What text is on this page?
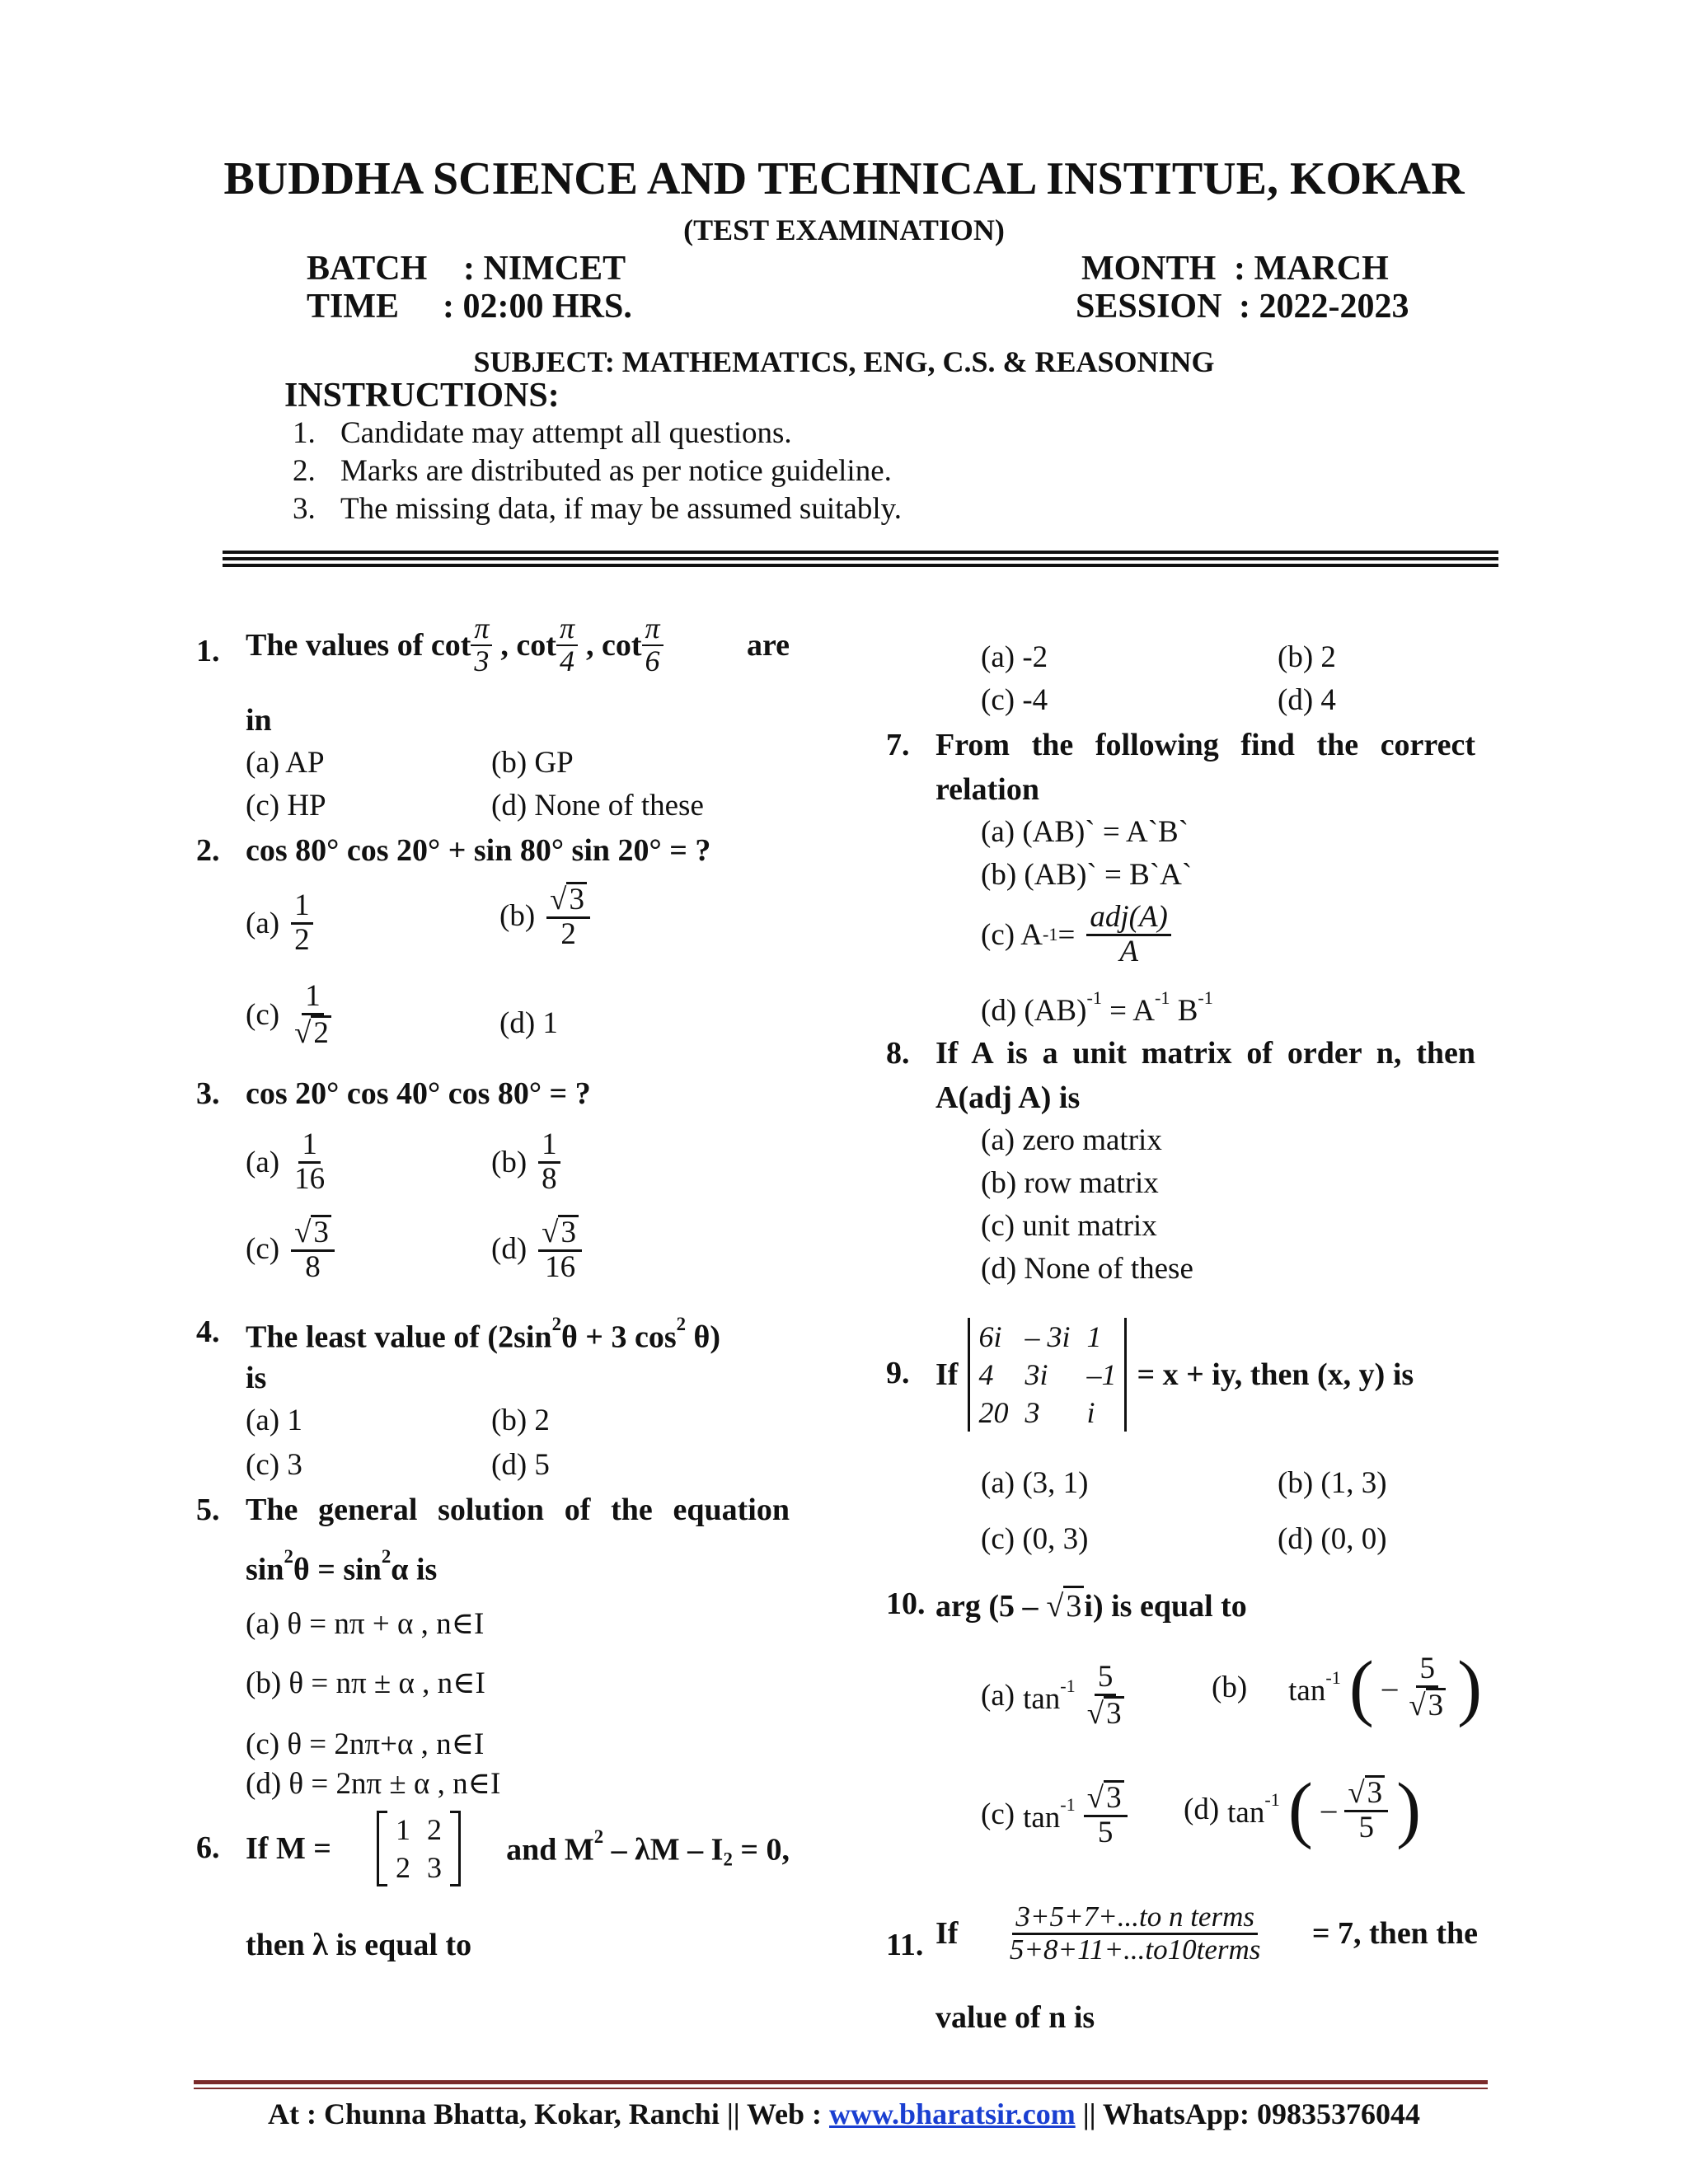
BUDDHA SCIENCE AND TECHNICAL INSTITUE, KOKAR
(TEST EXAMINATION)
BATCH : NIMCET
TIME : 02:00 HRS.
MONTH : MARCH
SESSION : 2022-2023
SUBJECT: MATHEMATICS, ENG, C.S. & REASONING
INSTRUCTIONS:
1. Candidate may attempt all questions.
2. Marks are distributed as per notice guideline.
3. The missing data, if may be assumed suitably.
1. The values of $\cot \frac{\pi}{3}$ , $\cot \frac{\pi}{4}$ , $\cot \frac{\pi}{6}$	are
in
(a) AP	(b) GP
(c) HP	(d) None of these
2. cos 80° cos 20° + sin 80° sin 20° = ?
$(a) \frac{1}{2}$	$(b) \frac{√ 3}{2}$
$(c) \frac{1}{√ 2}$	(d) 1
3. cos 20° cos 40° cos 80° = ?
$(a) \frac{1}{16}$	$(b) \frac{1}{8}$
$(c) \frac{√ 3}{8}$	$(d) \frac{√ 3}{16}$
4. The least value of ($2\sin^2\theta + 3$ $\cos^2 \theta$)
is
(a) 1	(b) 2
(c) 3	(d) 5
5. The general solution of the equation
$\sin^2\theta = \sin^2\alpha$ is
(a) θ = nπ + α , n∈I
(b) θ = nπ ± α , n∈I
(c) θ = 2nπ+α , n∈I
(d) θ = 2nπ ± α , n∈I
6. If M =
1	2
2	3
and $M^2 - \lambda M - I_2 = 0$,
then λ is equal to
(a) -2	(b) 2
(c) -4	(d) 4
7. From the following find the correct
relation
(a) (AB)` = A`B`
(b) (AB)` = B`A`
(c) A $-1 = \frac{\text{adj(A)}}{A}$
(d) $(AB)^{-1} = A^{-1}$ $B^{-1}$
8. If A is a unit matrix of order n, then
A(adj A) is
(a) zero matrix
(b) row matrix
(c) unit matrix
(d) None of these
9. If
6i	– 3i	1
4	3i	–1
20	3	i
= x + iy, then (x, y) is
(a) (3, 1)	(b) (1, 3)
(c) (0, 3)	(d) (0, 0)
10. arg (5 – √ 3 i) is equal to
(a) $\tan^{-1} \frac{5}{√ 3}$	(b) $\tan^{-1}$ ( – $\frac{5}{√ 3}$ )
(c) $\tan^{-1} \frac{√ 3}{5} (d)$ $\tan^{-1}$ ( – $\frac{√ 3}{5}$ )
11. If $\frac{\text{3+5+7+...to n terms}}{\text{5+8+11+...to10terms}} = 7$, then the
value of n is
At : Chunna Bhatta, Kokar, Ranchi || Web : www.bharatsir.com || WhatsApp: 09835376044
